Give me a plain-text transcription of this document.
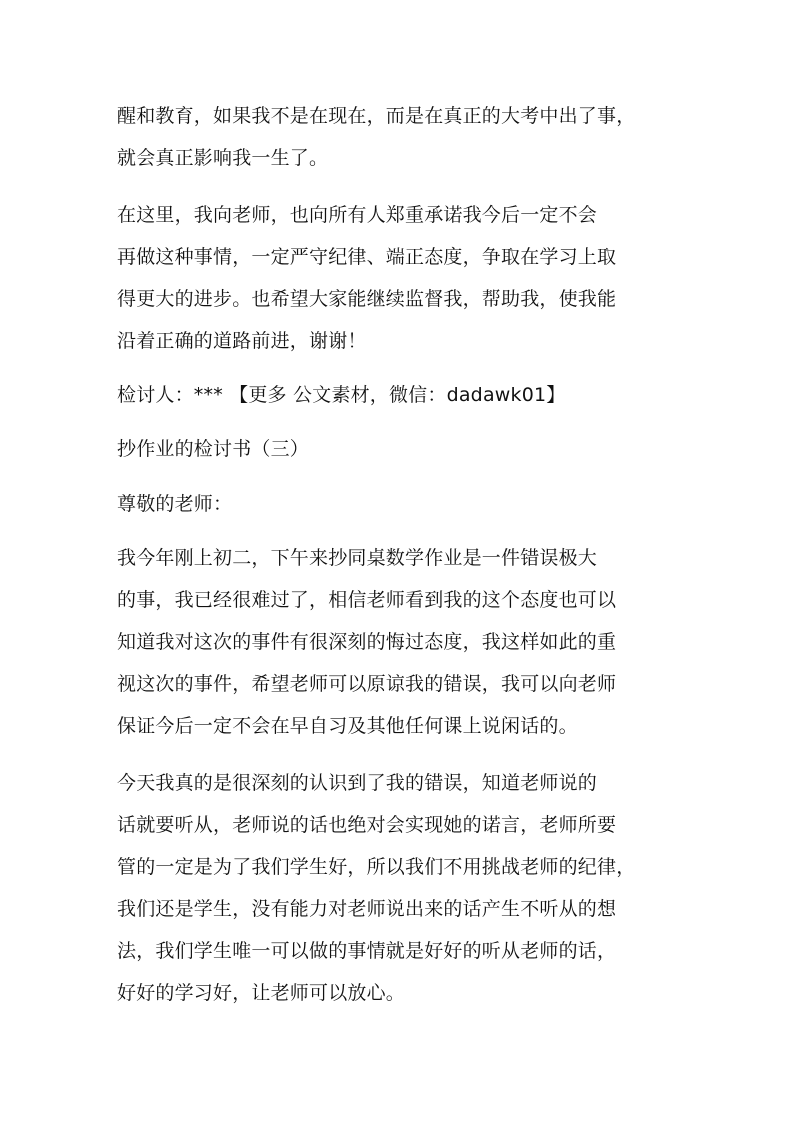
醒和教育，如果我不是在现在，而是在真正的大考中出了事，
就会真正影响我一生了。
在这里，我向老师，也向所有人郑重承诺我今后一定不会
再做这种事情，一定严守纪律、端正态度，争取在学习上取
得更大的进步。也希望大家能继续监督我，帮助我，使我能
沿着正确的道路前进，谢谢！
检讨人：*** 【更多 公文素材，微信：dadawk01】
抄作业的检讨书（三）
尊敬的老师：
我今年刚上初二，下午来抄同桌数学作业是一件错误极大
的事，我已经很难过了，相信老师看到我的这个态度也可以
知道我对这次的事件有很深刻的悔过态度，我这样如此的重
视这次的事件，希望老师可以原谅我的错误，我可以向老师
保证今后一定不会在早自习及其他任何课上说闲话的。
今天我真的是很深刻的认识到了我的错误，知道老师说的
话就要听从，老师说的话也绝对会实现她的诺言，老师所要
管的一定是为了我们学生好，所以我们不用挑战老师的纪律，
我们还是学生，没有能力对老师说出来的话产生不听从的想
法，我们学生唯一可以做的事情就是好好的听从老师的话，
好好的学习好，让老师可以放心。
